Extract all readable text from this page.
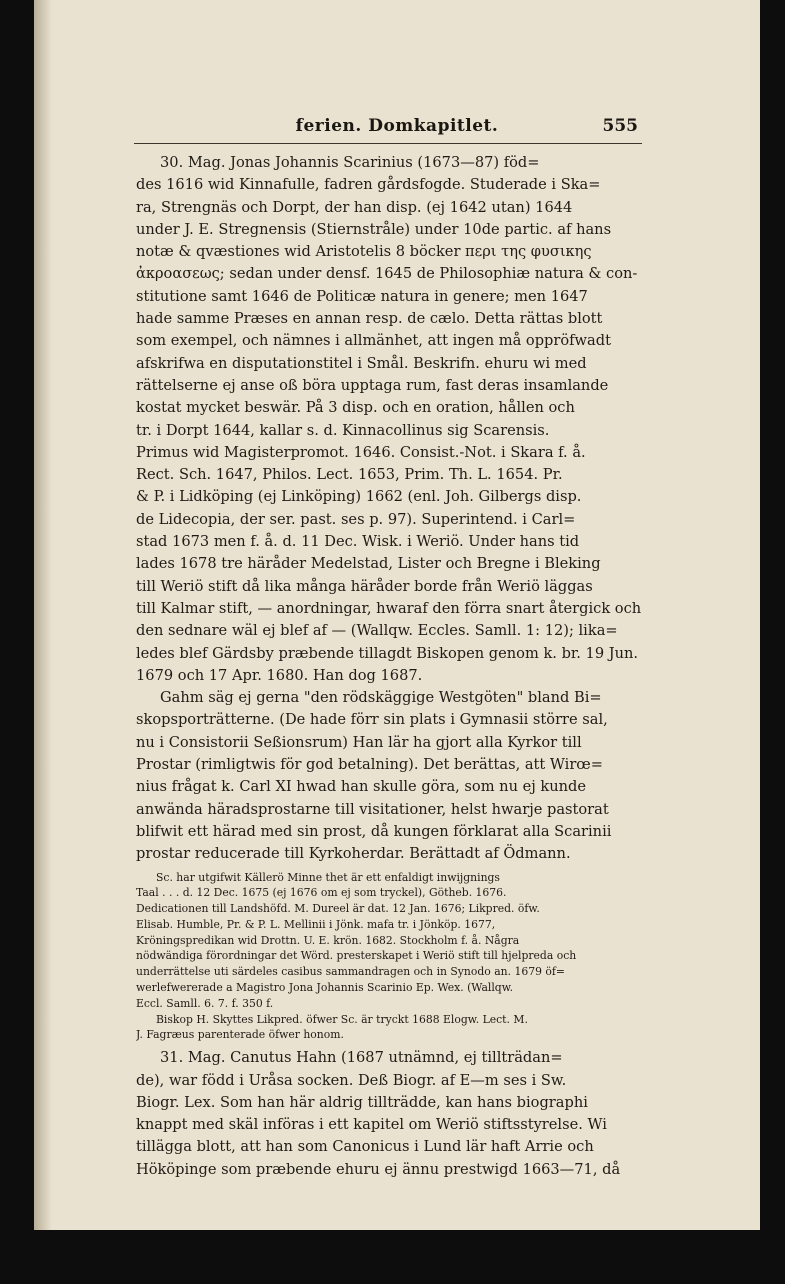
ferien. Domkapitlet.	555
30. Mag. Jonas Johannis Scarinius (1673—87) föd=
des 1616 wid Kinnafulle, fadren gårdsfogde. Studerade i Ska=
ra, Strengnäs och Dorpt, der han disp. (ej 1642 utan) 1644
under J. E. Stregnensis (Stiernstråle) under 10de partic. af hans
notæ & qvæstiones wid Aristotelis 8 böcker περι της φυσικης
ἀκροασεως; sedan under densf. 1645 de Philosophiæ natura & con-
stitutione samt 1646 de Politicæ natura in genere; men 1647
hade samme Præses en annan resp. de cælo. Detta rättas blott
som exempel, och nämnes i allmänhet, att ingen må oppröfwadt
afskrifwa en disputationstitel i Smål. Beskrifn. ehuru wi med
rättelserne ej anse oß böra upptaga rum, fast deras insamlande
kostat mycket beswär. På 3 disp. och en oration, hållen och
tr. i Dorpt 1644, kallar s. d. Kinnacollinus sig Scarensis.
Primus wid Magisterpromot. 1646. Consist.-Not. i Skara f. å.
Rect. Sch. 1647, Philos. Lect. 1653, Prim. Th. L. 1654. Pr.
& P. i Lidköping (ej Linköping) 1662 (enl. Joh. Gilbergs disp.
de Lidecopia, der ser. past. ses p. 97). Superintend. i Carl=
stad 1673 men f. å. d. 11 Dec. Wisk. i Weriö. Under hans tid
lades 1678 tre häråder Medelstad, Lister och Bregne i Bleking
till Weriö stift då lika många häråder borde från Weriö läggas
till Kalmar stift, — anordningar, hwaraf den förra snart återgick och
den sednare wäl ej blef af — (Wallqw. Eccles. Samll. 1: 12); lika=
ledes blef Gärdsby præbende tillagdt Biskopen genom k. br. 19 Jun.
1679 och 17 Apr. 1680. Han dog 1687.
Gahm säg ej gerna "den rödskäggige Westgöten" bland Bi=
skopsporträtterne. (De hade förr sin plats i Gymnasii större sal,
nu i Consistorii Seßionsrum) Han lär ha gjort alla Kyrkor till
Prostar (rimligtwis för god betalning). Det berättas, att Wirœ=
nius frågat k. Carl XI hwad han skulle göra, som nu ej kunde
anwända häradsprostarne till visitationer, helst hwarje pastorat
blifwit ett härad med sin prost, då kungen förklarat alla Scarinii
prostar reducerade till Kyrkoherdar. Berättadt af Ödmann.
Sc. har utgifwit Källerö Minne thet är ett enfaldigt inwijgnings
Taal . . . d. 12 Dec. 1675 (ej 1676 om ej som tryckel), Götheb. 1676.
Dedicationen till Landshöfd. M. Dureel är dat. 12 Jan. 1676; Likpred. öfw.
Elisab. Humble, Pr. & P. L. Mellinii i Jönk. mafa tr. i Jönköp. 1677,
Kröningspredikan wid Drottn. U. E. krön. 1682. Stockholm f. å. Några
nödwändiga förordningar det Wörd. presterskapet i Weriö stift till hjelpreda och
underrättelse uti särdeles casibus sammandragen och in Synodo an. 1679 öf=
werlefwererade a Magistro Jona Johannis Scarinio Ep. Wex. (Wallqw.
Eccl. Samll. 6. 7. f. 350 f.
Biskop H. Skyttes Likpred. öfwer Sc. är tryckt 1688 Elogw. Lect. M.
J. Fagræus parenterade öfwer honom.
31. Mag. Canutus Hahn (1687 utnämnd, ej tillträdan=
de), war född i Uråsa socken. Deß Biogr. af E—m ses i Sw.
Biogr. Lex. Som han här aldrig tillträdde, kan hans biographi
knappt med skäl införas i ett kapitel om Weriö stiftsstyrelse. Wi
tillägga blott, att han som Canonicus i Lund lär haft Arrie och
Hököpinge som præbende ehuru ej ännu prestwigd 1663—71, då
